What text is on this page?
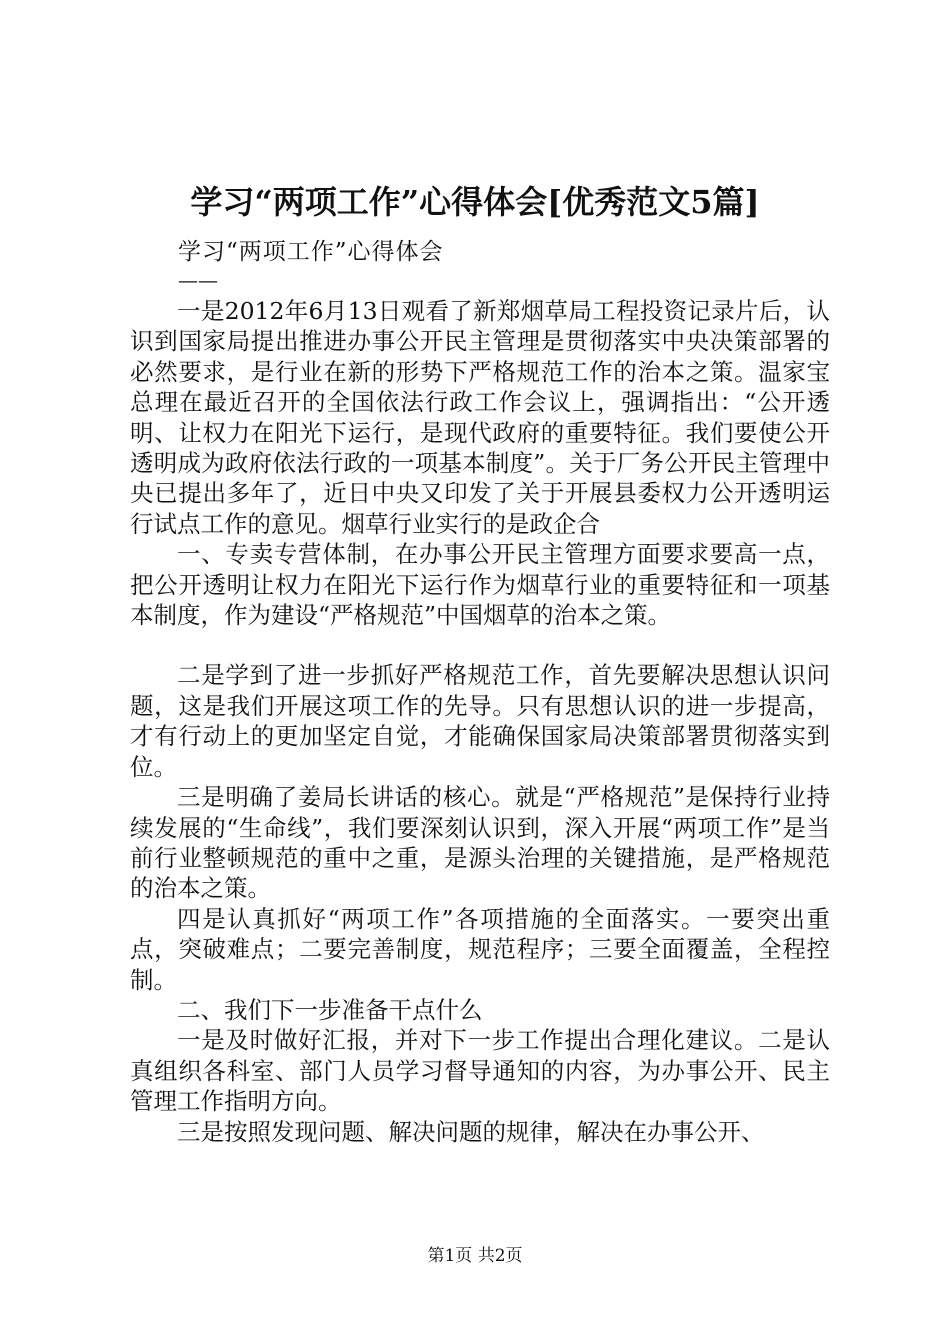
学习“两项工作”心得体会[优秀范文5篇]
学习“两项工作”心得体会
——

一是2012年6月13日观看了新郑烟草局工程投资记录片后，认识到国家局提出推进办事公开民主管理是贯彻落实中央决策部署的必然要求，是行业在新的形势下严格规范工作的治本之策。温家宝总理在最近召开的全国依法行政工作会议上，强调指出：“公开透明、让权力在阳光下运行，是现代政府的重要特征。我们要使公开透明成为政府依法行政的一项基本制度”。关于厂务公开民主管理中央已提出多年了，近日中央又印发了关于开展县委权力公开透明运行试点工作的意见。烟草行业实行的是政企合

一、专卖专营体制，在办事公开民主管理方面要求要高一点，把公开透明让权力在阳光下运行作为烟草行业的重要特征和一项基本制度，作为建设“严格规范”中国烟草的治本之策。

二是学到了进一步抓好严格规范工作，首先要解决思想认识问题，这是我们开展这项工作的先导。只有思想认识的进一步提高，才有行动上的更加坚定自觉，才能确保国家局决策部署贯彻落实到位。

三是明确了姜局长讲话的核心。就是“严格规范”是保持行业持续发展的“生命线”，我们要深刻认识到，深入开展“两项工作”是当前行业整顿规范的重中之重，是源头治理的关键措施，是严格规范的治本之策。

四是认真抓好“两项工作”各项措施的全面落实。一要突出重点，突破难点；二要完善制度，规范程序；三要全面覆盖，全程控制。

二、我们下一步准备干点什么

一是及时做好汇报，并对下一步工作提出合理化建议。二是认真组织各科室、部门人员学习督导通知的内容，为办事公开、民主管理工作指明方向。

三是按照发现问题、解决问题的规律，解决在办事公开、

第1页 共2页
